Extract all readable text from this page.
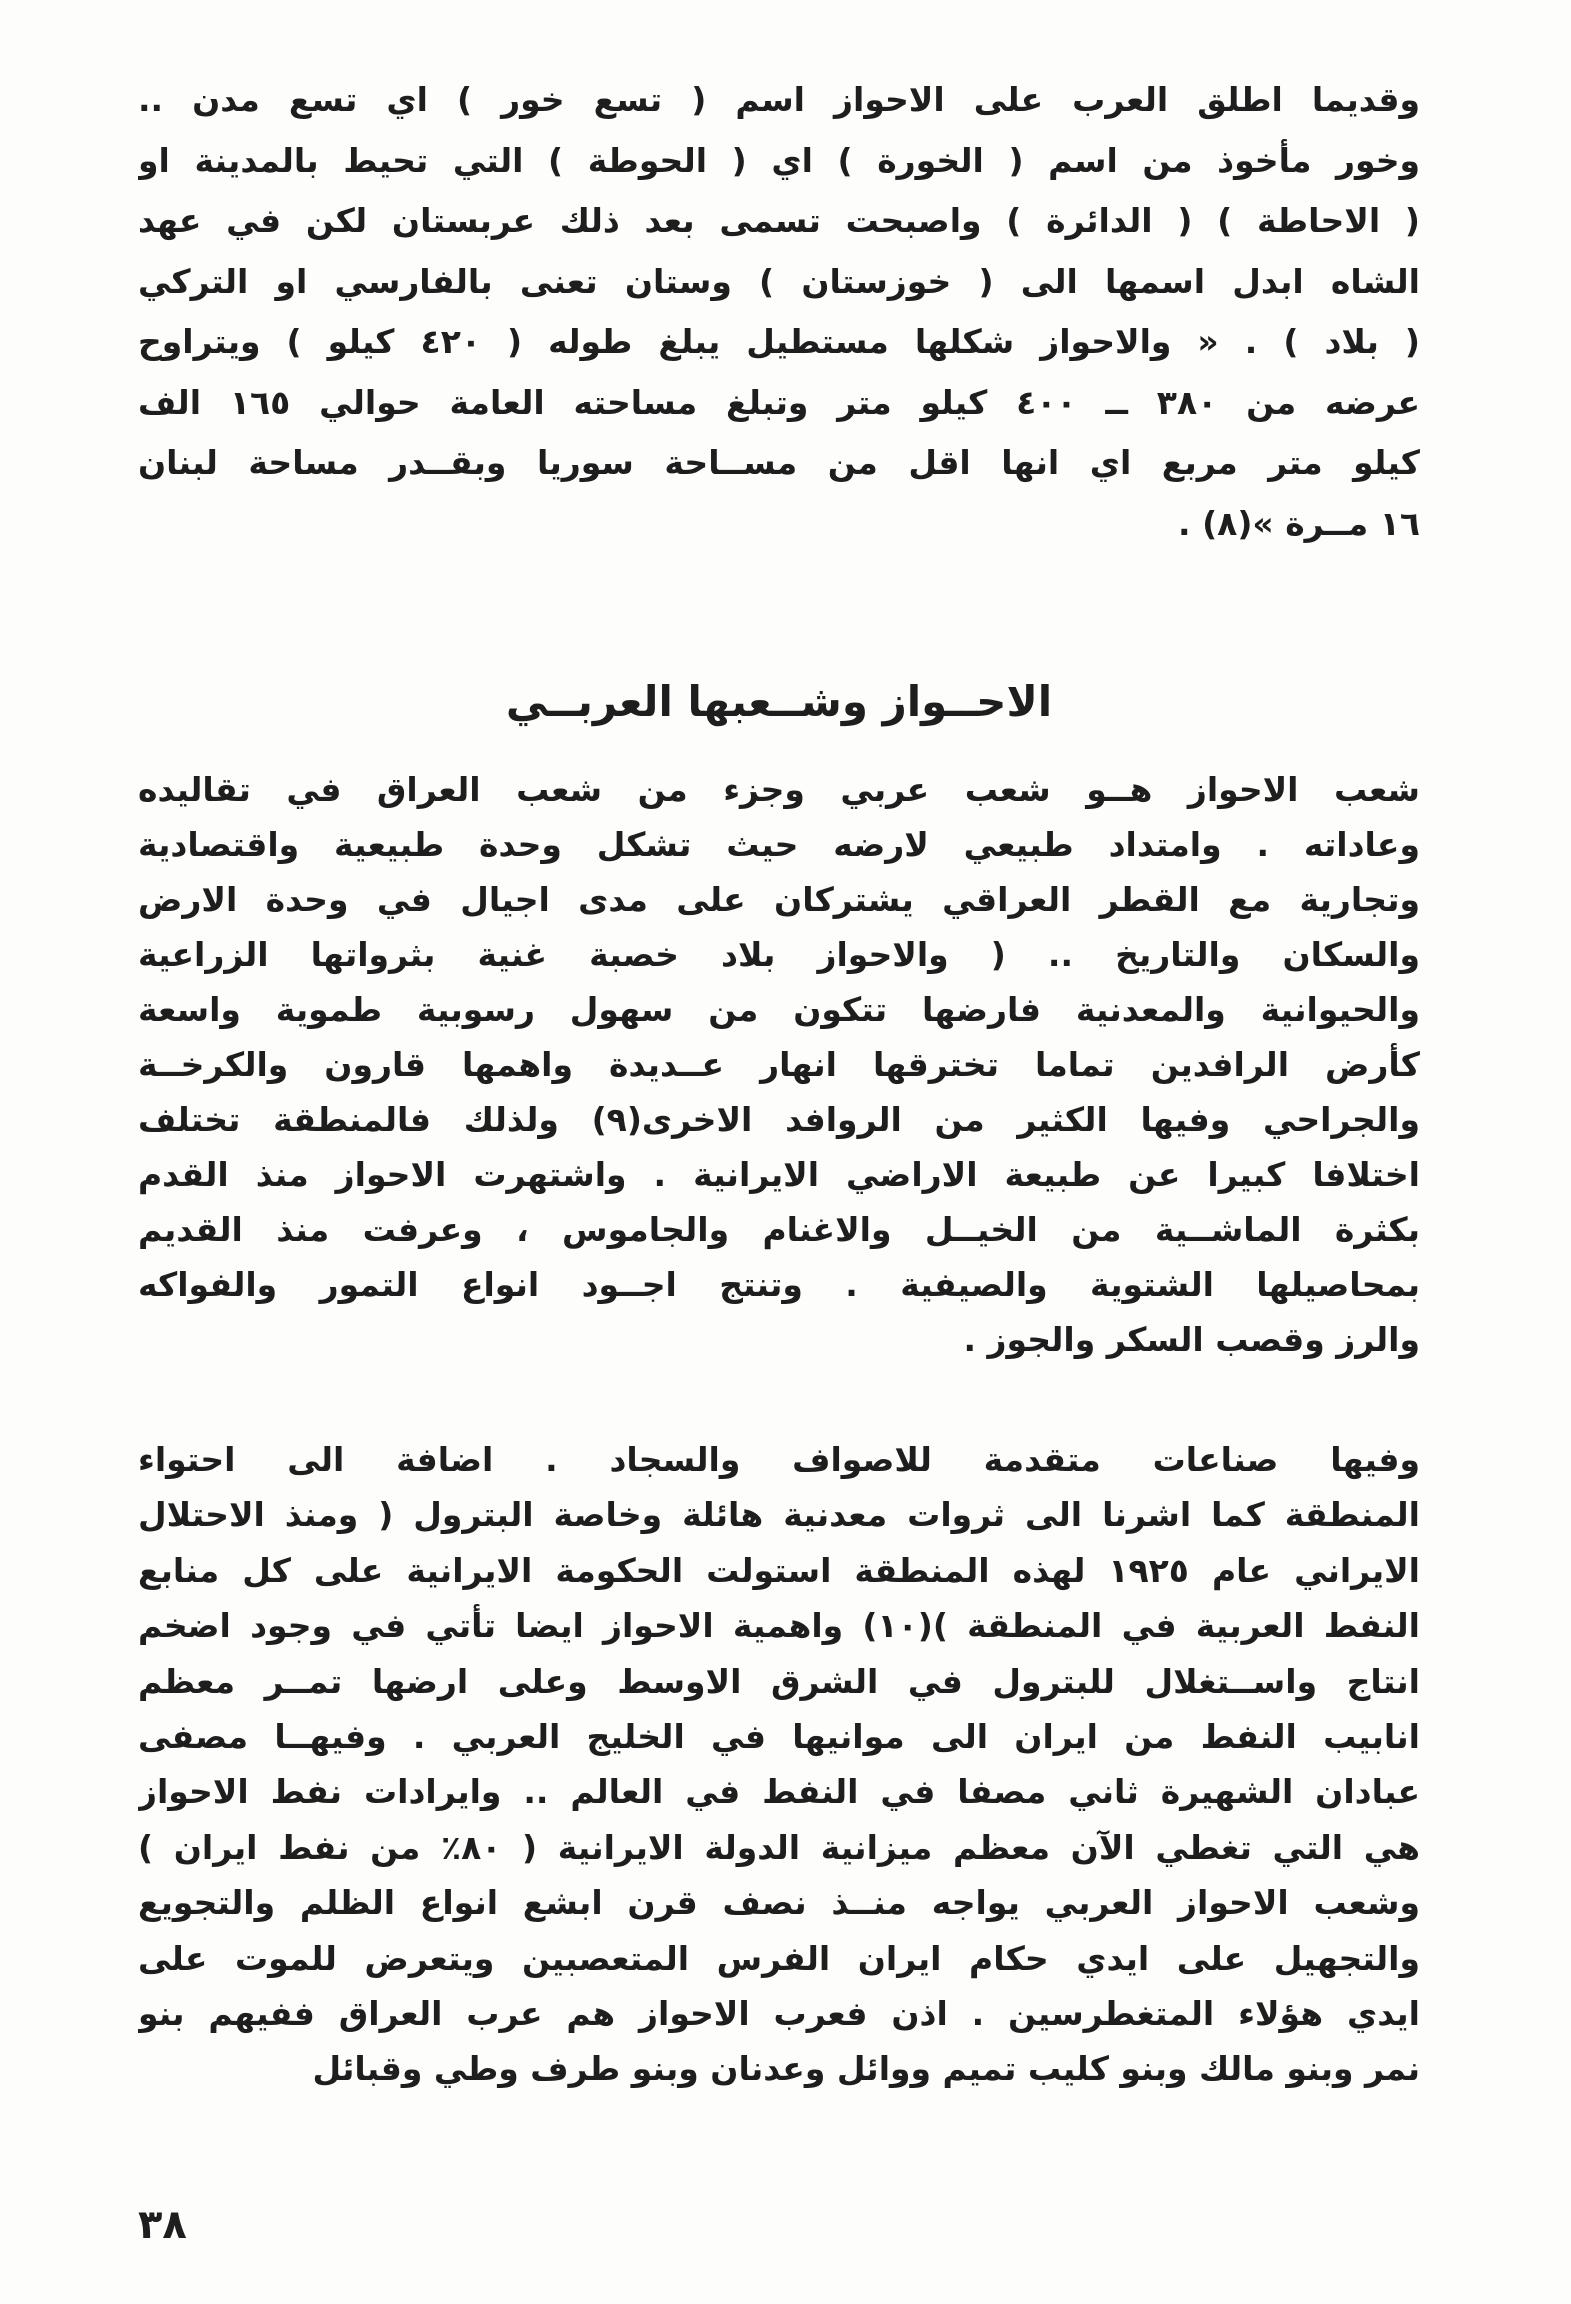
وقديما اطلق العرب على الاحواز اسم ( تسع خور ) اي تسع مدن ..
وخور مأخوذ من اسم ( الخورة ) اي ( الحوطة ) التي تحيط بالمدينة او
( الاحاطة ) ( الدائرة ) واصبحت تسمى بعد ذلك عربستان لكن في عهد
الشاه ابدل اسمها الى ( خوزستان ) وستان تعنى بالفارسي او التركي
( بلاد ) . « والاحواز شكلها مستطيل يبلغ طوله ( ٤٢٠ كيلو ) ويتراوح
عرضه من ٣٨٠ ــ ٤٠٠ كيلو متر وتبلغ مساحته العامة حوالي ١٦٥ الف
كيلو متر مربع اي انها اقل من مســاحة سوريا وبقــدر مساحة لبنان
١٦ مــرة »(٨) .
الاحــواز وشــعبها العربــي
شعب الاحواز هــو شعب عربي وجزء من شعب العراق في تقاليده
وعاداته . وامتداد طبيعي لارضه حيث تشكل وحدة طبيعية واقتصادية
وتجارية مع القطر العراقي يشتركان على مدى اجيال في وحدة الارض
والسكان والتاريخ .. ( والاحواز بلاد خصبة غنية بثرواتها الزراعية
والحيوانية والمعدنية فارضها تتكون من سهول رسوبية طموية واسعة
كأرض الرافدين تماما تخترقها انهار عــديدة واهمها قارون والكرخــة
والجراحي وفيها الكثير من الروافد الاخرى(٩) ولذلك فالمنطقة تختلف
اختلافا كبيرا عن طبيعة الاراضي الايرانية . واشتهرت الاحواز منذ القدم
بكثرة الماشــية من الخيــل والاغنام والجاموس ، وعرفت منذ القديم
بمحاصيلها الشتوية والصيفية . وتنتج اجــود انواع التمور والفواكه
والرز وقصب السكر والجوز .
وفيها صناعات متقدمة للاصواف والسجاد . اضافة الى احتواء
المنطقة كما اشرنا الى ثروات معدنية هائلة وخاصة البترول ( ومنذ الاحتلال
الايراني عام ١٩٢٥ لهذه المنطقة استولت الحكومة الايرانية على كل منابع
النفط العربية في المنطقة )(١٠) واهمية الاحواز ايضا تأتي في وجود اضخم
انتاج واســتغلال للبترول في الشرق الاوسط وعلى ارضها تمــر معظم
انابيب النفط من ايران الى موانيها في الخليج العربي . وفيهــا مصفى
عبادان الشهيرة ثاني مصفا في النفط في العالم .. وايرادات نفط الاحواز
هي التي تغطي الآن معظم ميزانية الدولة الايرانية ( ٨٠٪ من نفط ايران )
وشعب الاحواز العربي يواجه منــذ نصف قرن ابشع انواع الظلم والتجويع
والتجهيل على ايدي حكام ايران الفرس المتعصبين ويتعرض للموت على
ايدي هؤلاء المتغطرسين . اذن فعرب الاحواز هم عرب العراق ففيهم بنو
نمر وبنو مالك وبنو كليب تميم ووائل وعدنان وبنو طرف وطي وقبائل
٣٨
